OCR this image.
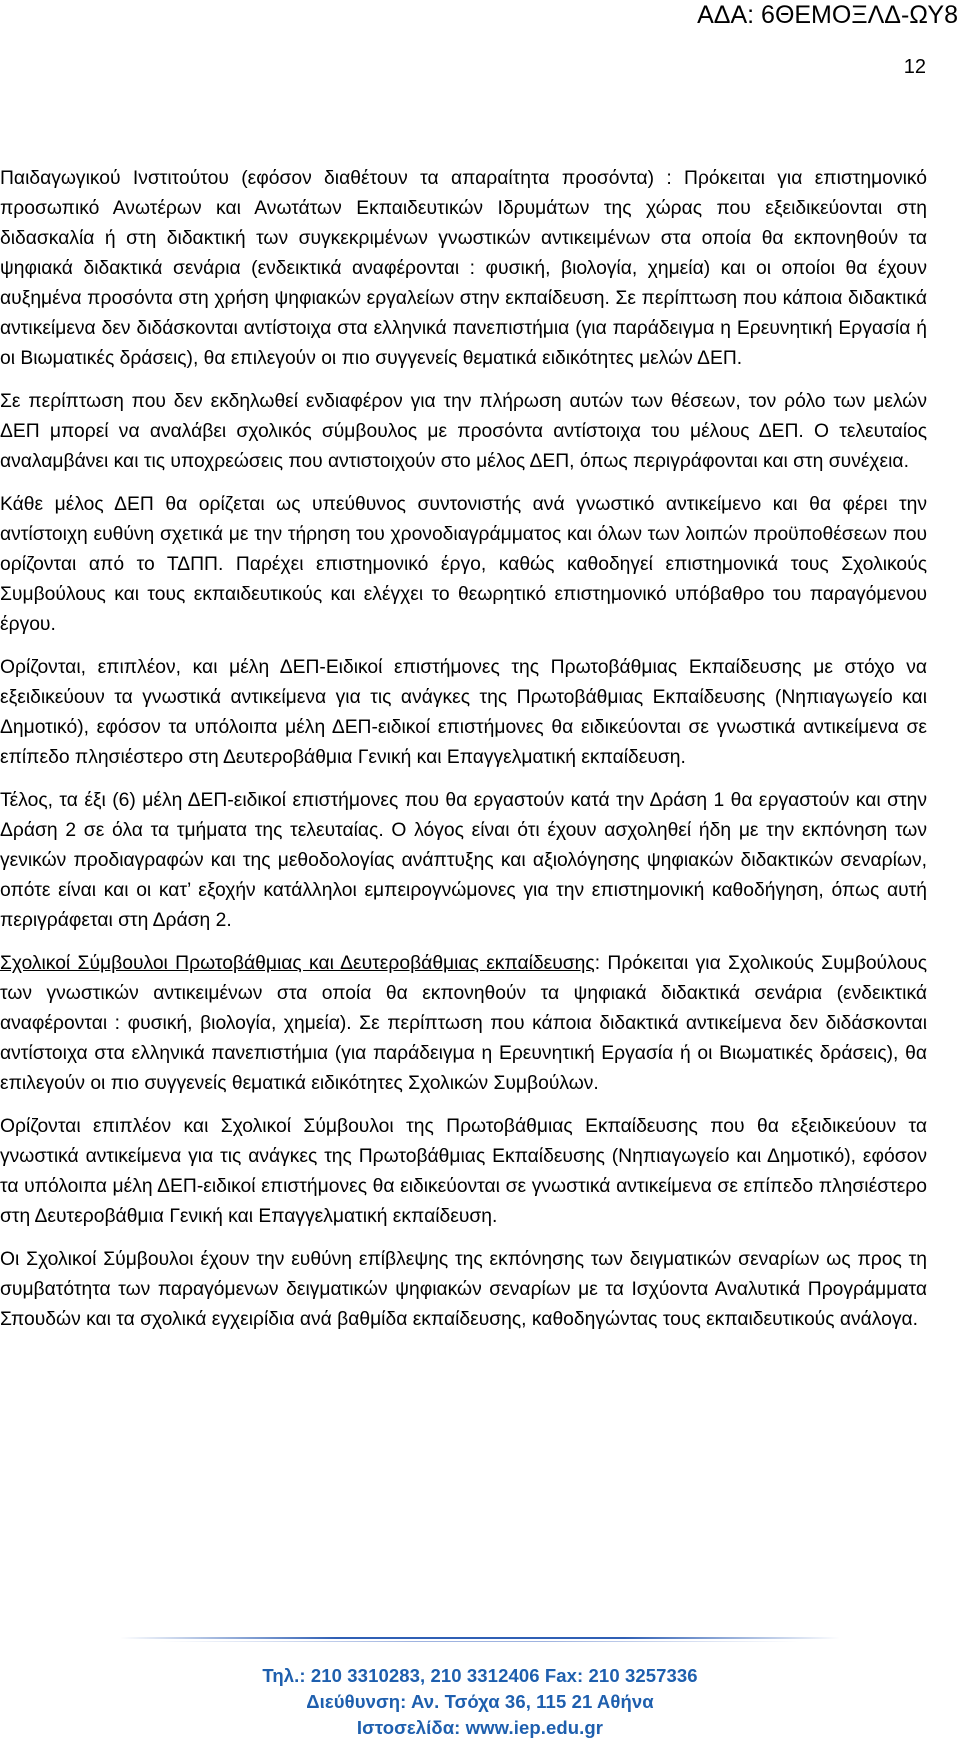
ΑΔΑ: 6ΘΕΜΟΞΛΔ-ΩΥ8
12

Παιδαγωγικού Ινστιτούτου (εφόσον διαθέτουν τα απαραίτητα προσόντα) : Πρόκειται για επιστημονικό προσωπικό Ανωτέρων και Ανωτάτων Εκπαιδευτικών Ιδρυμάτων της χώρας που εξειδικεύονται στη διδασκαλία ή στη διδακτική των συγκεκριμένων γνωστικών αντικειμένων στα οποία θα εκπονηθούν τα ψηφιακά διδακτικά σενάρια (ενδεικτικά αναφέρονται : φυσική, βιολογία, χημεία) και οι οποίοι θα έχουν αυξημένα προσόντα στη χρήση ψηφιακών εργαλείων στην εκπαίδευση. Σε περίπτωση που κάποια διδακτικά αντικείμενα δεν διδάσκονται αντίστοιχα στα ελληνικά πανεπιστήμια (για παράδειγμα η Ερευνητική Εργασία ή οι Βιωματικές δράσεις), θα επιλεγούν οι πιο συγγενείς θεματικά ειδικότητες μελών ΔΕΠ.

Σε περίπτωση που δεν εκδηλωθεί ενδιαφέρον για την πλήρωση αυτών των θέσεων, τον ρόλο των μελών ΔΕΠ μπορεί να αναλάβει σχολικός σύμβουλος με προσόντα αντίστοιχα του μέλους ΔΕΠ. Ο τελευταίος αναλαμβάνει και τις υποχρεώσεις που αντιστοιχούν στο μέλος ΔΕΠ, όπως περιγράφονται και στη συνέχεια.

Κάθε μέλος ΔΕΠ θα ορίζεται ως υπεύθυνος συντονιστής ανά γνωστικό αντικείμενο και θα φέρει την αντίστοιχη ευθύνη σχετικά με την τήρηση του χρονοδιαγράμματος και όλων των λοιπών προϋποθέσεων που ορίζονται από το ΤΔΠΠ. Παρέχει επιστημονικό έργο, καθώς καθοδηγεί επιστημονικά τους Σχολικούς Συμβούλους και τους εκπαιδευτικούς και ελέγχει το θεωρητικό επιστημονικό υπόβαθρο του παραγόμενου έργου.

Ορίζονται, επιπλέον, και μέλη ΔΕΠ-Ειδικοί επιστήμονες της Πρωτοβάθμιας Εκπαίδευσης με στόχο να εξειδικεύουν τα γνωστικά αντικείμενα για τις ανάγκες της Πρωτοβάθμιας Εκπαίδευσης (Νηπιαγωγείο και Δημοτικό), εφόσον τα υπόλοιπα μέλη ΔΕΠ-ειδικοί επιστήμονες θα ειδικεύονται σε γνωστικά αντικείμενα σε επίπεδο πλησιέστερο στη Δευτεροβάθμια Γενική και Επαγγελματική εκπαίδευση.

Τέλος, τα έξι (6) μέλη ΔΕΠ-ειδικοί επιστήμονες που θα εργαστούν κατά την Δράση 1 θα εργαστούν και στην Δράση 2 σε όλα τα τμήματα της τελευταίας. Ο λόγος είναι ότι έχουν ασχοληθεί ήδη με την εκπόνηση των γενικών προδιαγραφών και της μεθοδολογίας ανάπτυξης και αξιολόγησης ψηφιακών διδακτικών σεναρίων, οπότε είναι και οι κατ’ εξοχήν κατάλληλοι εμπειρογνώμονες για την επιστημονική καθοδήγηση, όπως αυτή περιγράφεται στη Δράση 2.

Σχολικοί Σύμβουλοι Πρωτοβάθμιας και Δευτεροβάθμιας εκπαίδευσης: Πρόκειται για Σχολικούς Συμβούλους των γνωστικών αντικειμένων στα οποία θα εκπονηθούν τα ψηφιακά διδακτικά σενάρια (ενδεικτικά αναφέρονται : φυσική, βιολογία, χημεία). Σε περίπτωση που κάποια διδακτικά αντικείμενα δεν διδάσκονται αντίστοιχα στα ελληνικά πανεπιστήμια (για παράδειγμα η Ερευνητική Εργασία ή οι Βιωματικές δράσεις), θα επιλεγούν οι πιο συγγενείς θεματικά ειδικότητες Σχολικών Συμβούλων.

Ορίζονται επιπλέον και Σχολικοί Σύμβουλοι της Πρωτοβάθμιας Εκπαίδευσης που θα εξειδικεύουν τα γνωστικά αντικείμενα για τις ανάγκες της Πρωτοβάθμιας Εκπαίδευσης (Νηπιαγωγείο και Δημοτικό), εφόσον τα υπόλοιπα μέλη ΔΕΠ-ειδικοί επιστήμονες θα ειδικεύονται σε γνωστικά αντικείμενα σε επίπεδο πλησιέστερο στη Δευτεροβάθμια Γενική και Επαγγελματική εκπαίδευση.

Οι Σχολικοί Σύμβουλοι έχουν την ευθύνη επίβλεψης της εκπόνησης των δειγματικών σεναρίων ως προς τη συμβατότητα των παραγόμενων δειγματικών ψηφιακών σεναρίων με τα Ισχύοντα Αναλυτικά Προγράμματα Σπουδών και τα σχολικά εγχειρίδια ανά βαθμίδα εκπαίδευσης, καθοδηγώντας τους εκπαιδευτικούς ανάλογα.

Τηλ.: 210 3310283, 210 3312406 Fax: 210 3257336
Διεύθυνση: Αν. Τσόχα 36, 115 21 Αθήνα
Ιστοσελίδα: www.iep.edu.gr
